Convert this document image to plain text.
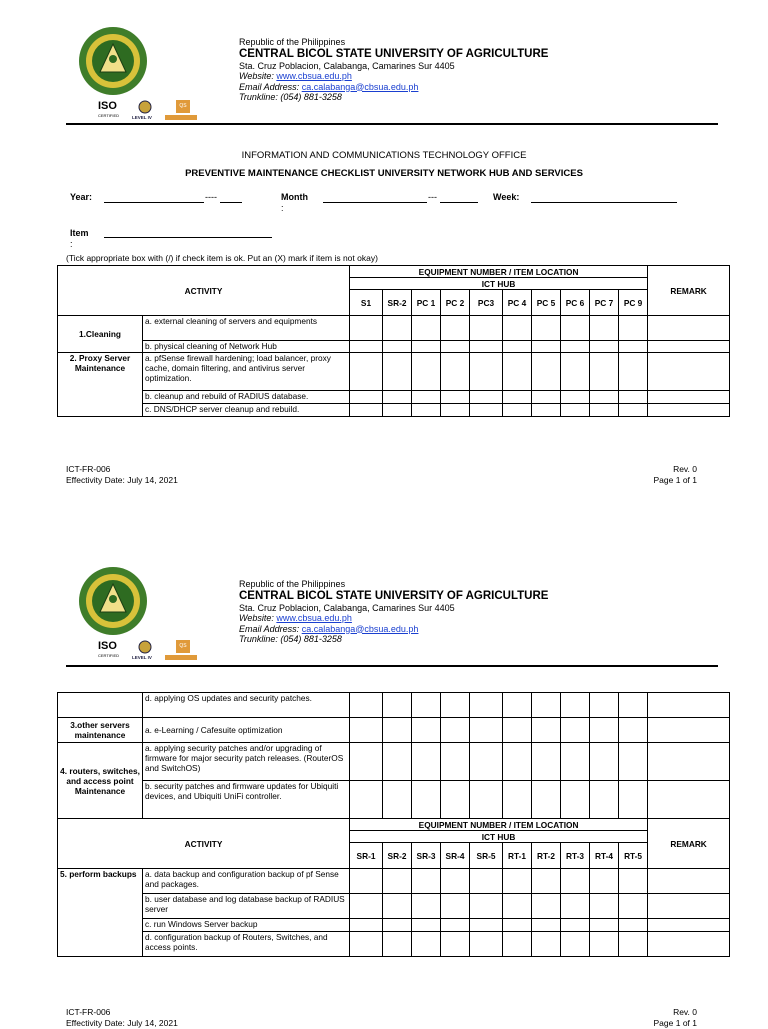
ISO
CERTIFIED	LEVEL IV
QS
Republic of the Philippines
CENTRAL BICOL STATE UNIVERSITY OF AGRICULTURE
Sta. Cruz Poblacion, Calabanga, Camarines Sur 4405
Website: www.cbsua.edu.ph
Email Address: ca.calabanga@cbsua.edu.ph
Trunkline: (054) 881-3258
INFORMATION AND COMMUNICATIONS TECHNOLOGY OFFICE
PREVENTIVE MAINTENANCE CHECKLIST UNIVERSITY NETWORK HUB AND SERVICES
Year:	----	Month
:
---	Week:
Item
:
(Tick appropriate box with (/) if check item is ok. Put an (X) mark if item is not okay)
ACTIVITY		EQUIPMENT NUMBER / ITEM LOCATION										REMARK
		ICT HUB										
		S1	SR-2	PC 1	PC 2	PC3	PC 4	PC 5	PC 6	PC 7	PC 9	
1.Cleaning	a. external cleaning of servers and equipments											
	b. physical cleaning of Network Hub											
2. Proxy Server Maintenance	a. pfSense firewall hardening; load balancer, proxy cache, domain filtering, and antivirus server optimization.											
	b. cleanup and rebuild of RADIUS database.											
	c. DNS/DHCP server cleanup and rebuild.											
ICT-FR-006
Effectivity Date: July 14, 2021
Rev. 0
Page 1 of 1
ISO
CERTIFIED	LEVEL IV
QS
Republic of the Philippines
CENTRAL BICOL STATE UNIVERSITY OF AGRICULTURE
Sta. Cruz Poblacion, Calabanga, Camarines Sur 4405
Website: www.cbsua.edu.ph
Email Address: ca.calabanga@cbsua.edu.ph
Trunkline: (054) 881-3258
	d. applying OS updates and security patches.											
3.other servers maintenance	a. e-Learning / Cafesuite optimization											
4. routers, switches, and access point Maintenance	a. applying security patches and/or upgrading of firmware for major security patch releases. (RouterOS and SwitchOS)											
	b. security patches and firmware updates for Ubiquiti devices, and Ubiquiti UniFi controller.											
ACTIVITY		EQUIPMENT NUMBER / ITEM LOCATION										REMARK
		ICT HUB										
		SR-1	SR-2	SR-3	SR-4	SR-5	RT-1	RT-2	RT-3	RT-4	RT-5	
5. perform backups	a. data backup and configuration backup of pf Sense and packages.											
	b. user database and log database backup of RADIUS server											
	c. run Windows Server backup											
	d. configuration backup of Routers, Switches, and access points.											
ICT-FR-006
Effectivity Date: July 14, 2021
Rev. 0
Page 1 of 1
